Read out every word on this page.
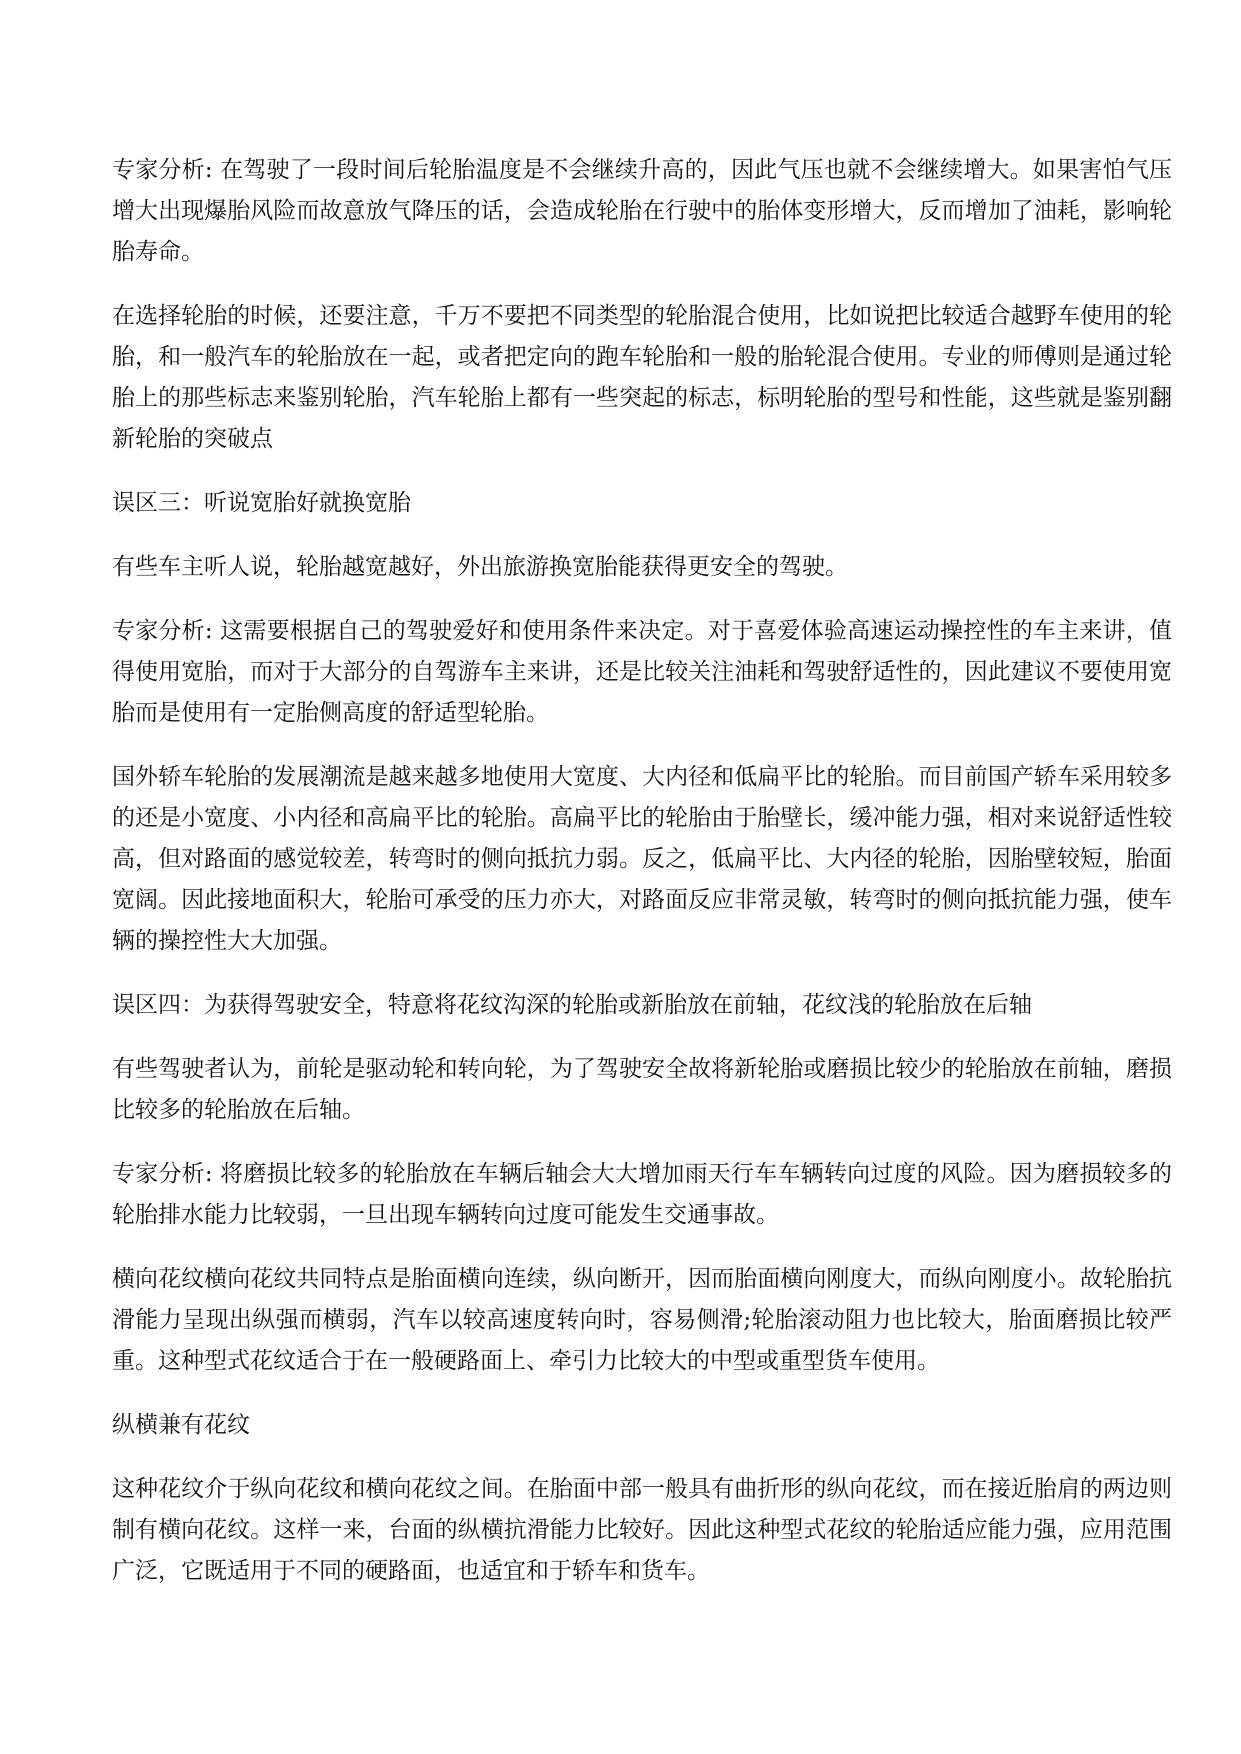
专家分析: 在驾驶了一段时间后轮胎温度是不会继续升高的，因此气压也就不会继续增大。如果害怕气压增大出现爆胎风险而故意放气降压的话，会造成轮胎在行驶中的胎体变形增大，反而增加了油耗，影响轮胎寿命。

在选择轮胎的时候，还要注意，千万不要把不同类型的轮胎混合使用，比如说把比较适合越野车使用的轮胎，和一般汽车的轮胎放在一起，或者把定向的跑车轮胎和一般的胎轮混合使用。专业的师傅则是通过轮胎上的那些标志来鉴别轮胎，汽车轮胎上都有一些突起的标志，标明轮胎的型号和性能，这些就是鉴别翻新轮胎的突破点

误区三：听说宽胎好就换宽胎

有些车主听人说，轮胎越宽越好，外出旅游换宽胎能获得更安全的驾驶。

专家分析: 这需要根据自己的驾驶爱好和使用条件来决定。对于喜爱体验高速运动操控性的车主来讲，值得使用宽胎，而对于大部分的自驾游车主来讲，还是比较关注油耗和驾驶舒适性的，因此建议不要使用宽胎而是使用有一定胎侧高度的舒适型轮胎。

国外轿车轮胎的发展潮流是越来越多地使用大宽度、大内径和低扁平比的轮胎。而目前国产轿车采用较多的还是小宽度、小内径和高扁平比的轮胎。高扁平比的轮胎由于胎壁长，缓冲能力强，相对来说舒适性较高，但对路面的感觉较差，转弯时的侧向抵抗力弱。反之，低扁平比、大内径的轮胎，因胎壁较短，胎面宽阔。因此接地面积大，轮胎可承受的压力亦大，对路面反应非常灵敏，转弯时的侧向抵抗能力强，使车辆的操控性大大加强。

误区四：为获得驾驶安全，特意将花纹沟深的轮胎或新胎放在前轴，花纹浅的轮胎放在后轴

有些驾驶者认为，前轮是驱动轮和转向轮，为了驾驶安全故将新轮胎或磨损比较少的轮胎放在前轴，磨损比较多的轮胎放在后轴。

专家分析: 将磨损比较多的轮胎放在车辆后轴会大大增加雨天行车车辆转向过度的风险。因为磨损较多的轮胎排水能力比较弱，一旦出现车辆转向过度可能发生交通事故。

横向花纹横向花纹共同特点是胎面横向连续，纵向断开，因而胎面横向刚度大，而纵向刚度小。故轮胎抗滑能力呈现出纵强而横弱，汽车以较高速度转向时，容易侧滑;轮胎滚动阻力也比较大，胎面磨损比较严重。这种型式花纹适合于在一般硬路面上、牵引力比较大的中型或重型货车使用。

纵横兼有花纹

这种花纹介于纵向花纹和横向花纹之间。在胎面中部一般具有曲折形的纵向花纹，而在接近胎肩的两边则制有横向花纹。这样一来，台面的纵横抗滑能力比较好。因此这种型式花纹的轮胎适应能力强，应用范围广泛，它既适用于不同的硬路面，也适宜和于轿车和货车。
